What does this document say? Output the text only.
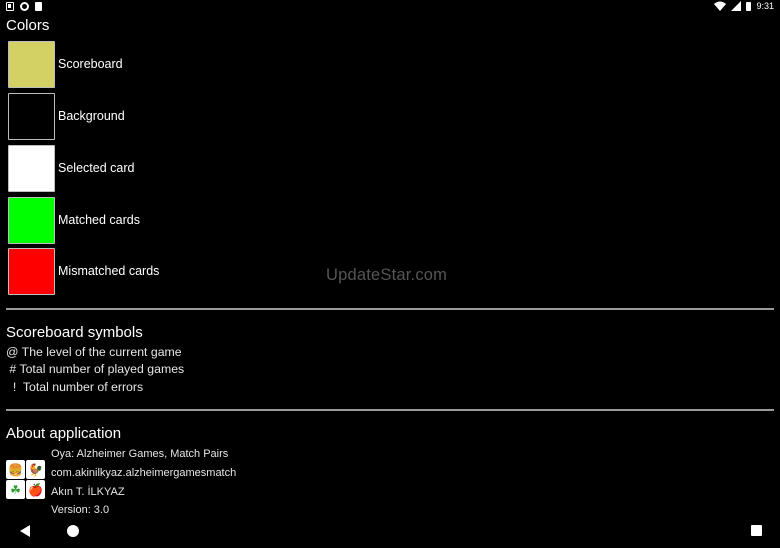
9:31
Colors
Scoreboard
Background
Selected card
Matched cards
Mismatched cards	UpdateStar.com
Scoreboard symbols
@ The level of the current game
# Total number of played games
!  Total number of errors
About application
🍔 🐓
☘ 🍎
Oya: Alzheimer Games, Match Pairs
com.akinilkyaz.alzheimergamesmatch
Akın T. İLKYAZ
Version: 3.0
